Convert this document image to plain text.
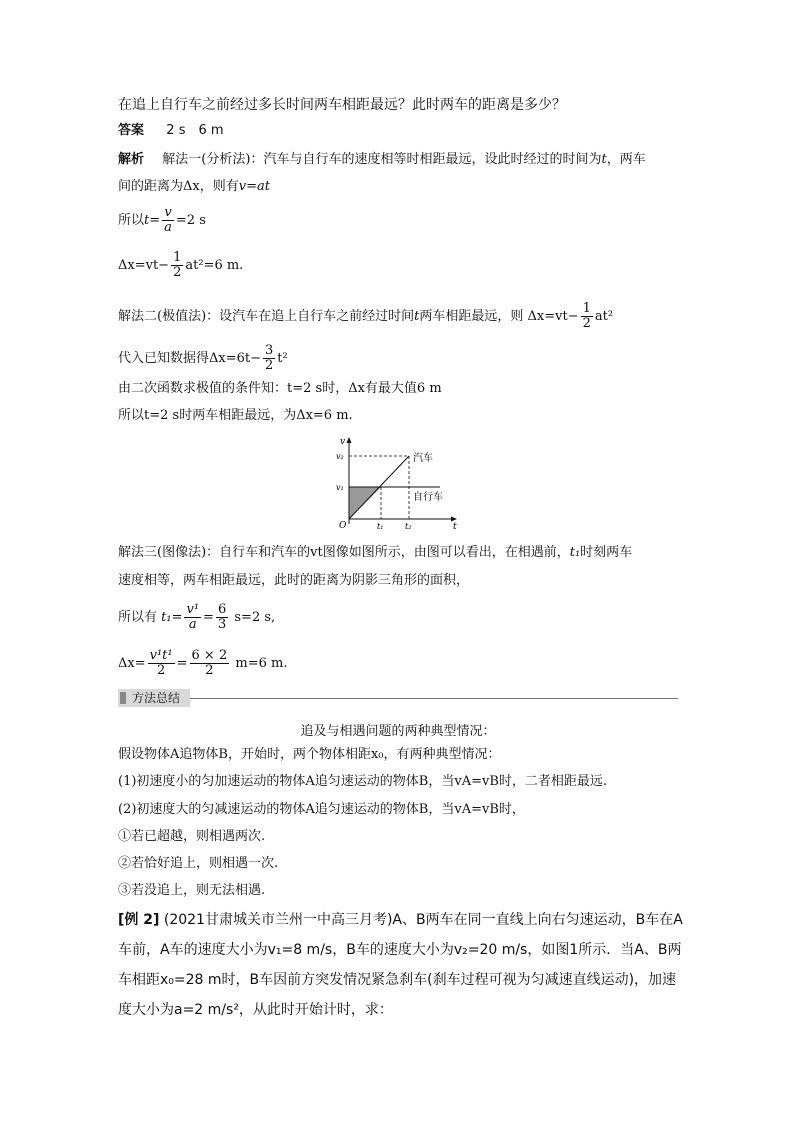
在追上自行车之前经过多长时间两车相距最远？此时两车的距离是多少？
答案 2 s　6 m
解析 解法一(分析法)：汽车与自行车的速度相等时相距最远，设此时经过的时间为t，两车
间的距离为Δx，则有v=at
所以$t= \frac{v}{a} =2$ s
$\Delta x=vt- \frac{1}{2} at^2=6$ m.
解法二(极值法)：设汽车在追上自行车之前经过时间t两车相距最远，则 $\Delta x=vt- \frac{1}{2} at^2$
代入已知数据得$\Delta x=6t- \frac{3}{2} t^2$
由二次函数求极值的条件知：t=2 s时，Δx有最大值6 m
所以t=2 s时两车相距最远，为Δx=6 m.
v
t
O
v₂
v₁
t₁	t₂
汽车
自行车
解法三(图像法)：自行车和汽车的vt图像如图所示，由图可以看出，在相遇前，t₁时刻两车
速度相等，两车相距最远，此时的距离为阴影三角形的面积，
所以有 $t_1= \frac{\text{v¹}}{a} = \frac{6}{3} s=2$ s,
$\Delta x= \frac{\text{v¹t¹}}{2} = \frac{6 \times 2}{2} m=6$ m.
方法总结
追及与相遇问题的两种典型情况：
假设物体A追物体B，开始时，两个物体相距x₀，有两种典型情况：
(1)初速度小的匀加速运动的物体A追匀速运动的物体B，当vA=vB时，二者相距最远.
(2)初速度大的匀减速运动的物体A追匀速运动的物体B，当vA=vB时，
①若已超越，则相遇两次.
②若恰好追上，则相遇一次.
③若没追上，则无法相遇.
[例 2] (2021甘肃城关市兰州一中高三月考)A、B两车在同一直线上向右匀速运动，B车在A
车前，A车的速度大小为v₁=8 m/s，B车的速度大小为v₂=20 m/s，如图1所示．当A、B两
车相距x₀=28 m时，B车因前方突发情况紧急刹车(刹车过程可视为匀减速直线运动)，加速
度大小为a=2 m/s²，从此时开始计时，求：
